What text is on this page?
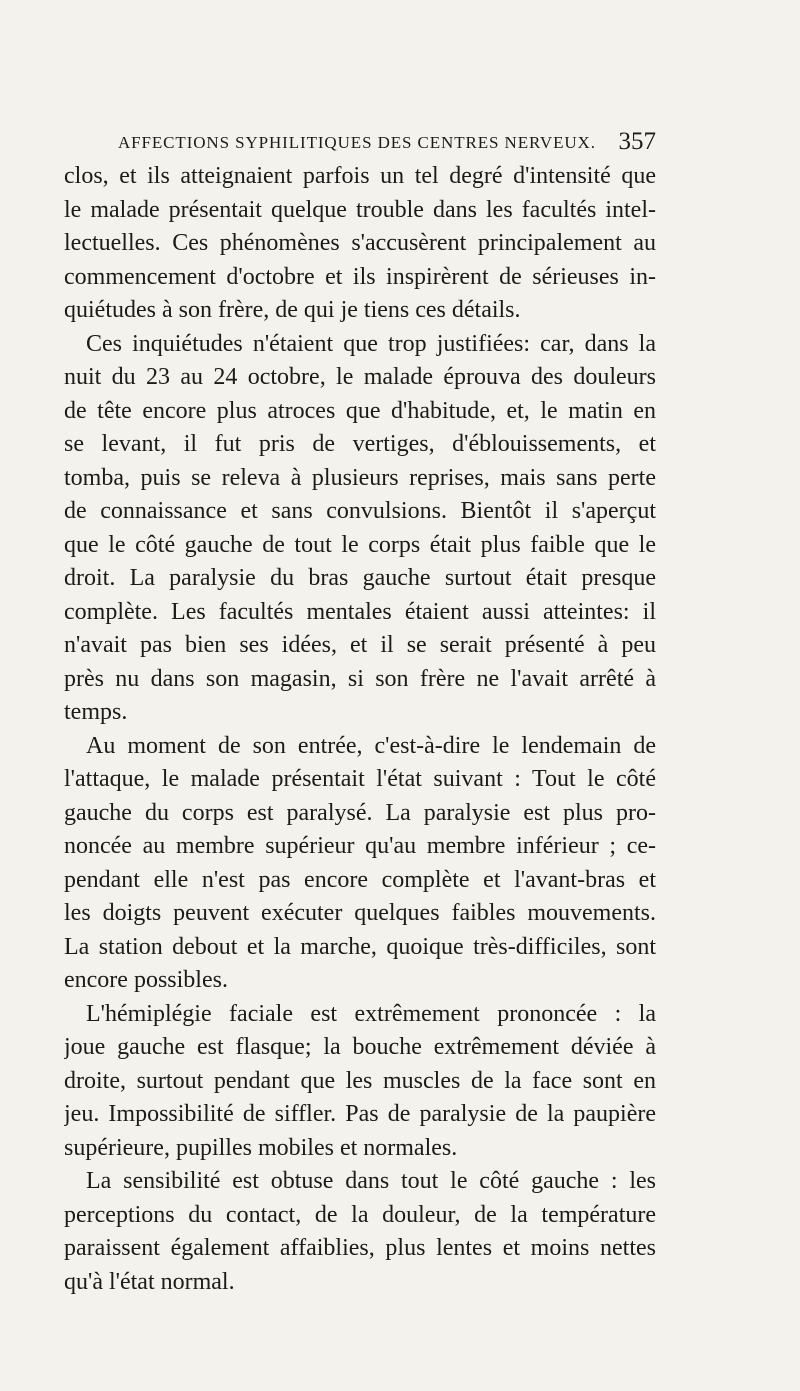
AFFECTIONS SYPHILITIQUES DES CENTRES NERVEUX. 357
clos, et ils atteignaient parfois un tel degré d'intensité que
le malade présentait quelque trouble dans les facultés intel-
lectuelles. Ces phénomènes s'accusèrent principalement au
commencement d'octobre et ils inspirèrent de sérieuses in-
quiétudes à son frère, de qui je tiens ces détails.
Ces inquiétudes n'étaient que trop justifiées: car, dans la
nuit du 23 au 24 octobre, le malade éprouva des douleurs
de tête encore plus atroces que d'habitude, et, le matin en
se levant, il fut pris de vertiges, d'éblouissements, et
tomba, puis se releva à plusieurs reprises, mais sans perte
de connaissance et sans convulsions. Bientôt il s'aperçut
que le côté gauche de tout le corps était plus faible que le
droit. La paralysie du bras gauche surtout était presque
complète. Les facultés mentales étaient aussi atteintes: il
n'avait pas bien ses idées, et il se serait présenté à peu
près nu dans son magasin, si son frère ne l'avait arrêté à
temps.
Au moment de son entrée, c'est-à-dire le lendemain de
l'attaque, le malade présentait l'état suivant : Tout le côté
gauche du corps est paralysé. La paralysie est plus pro-
noncée au membre supérieur qu'au membre inférieur ; ce-
pendant elle n'est pas encore complète et l'avant-bras et
les doigts peuvent exécuter quelques faibles mouvements.
La station debout et la marche, quoique très-difficiles, sont
encore possibles.
L'hémiplégie faciale est extrêmement prononcée : la
joue gauche est flasque; la bouche extrêmement déviée à
droite, surtout pendant que les muscles de la face sont en
jeu. Impossibilité de siffler. Pas de paralysie de la paupière
supérieure, pupilles mobiles et normales.
La sensibilité est obtuse dans tout le côté gauche : les
perceptions du contact, de la douleur, de la température
paraissent également affaiblies, plus lentes et moins nettes
qu'à l'état normal.
